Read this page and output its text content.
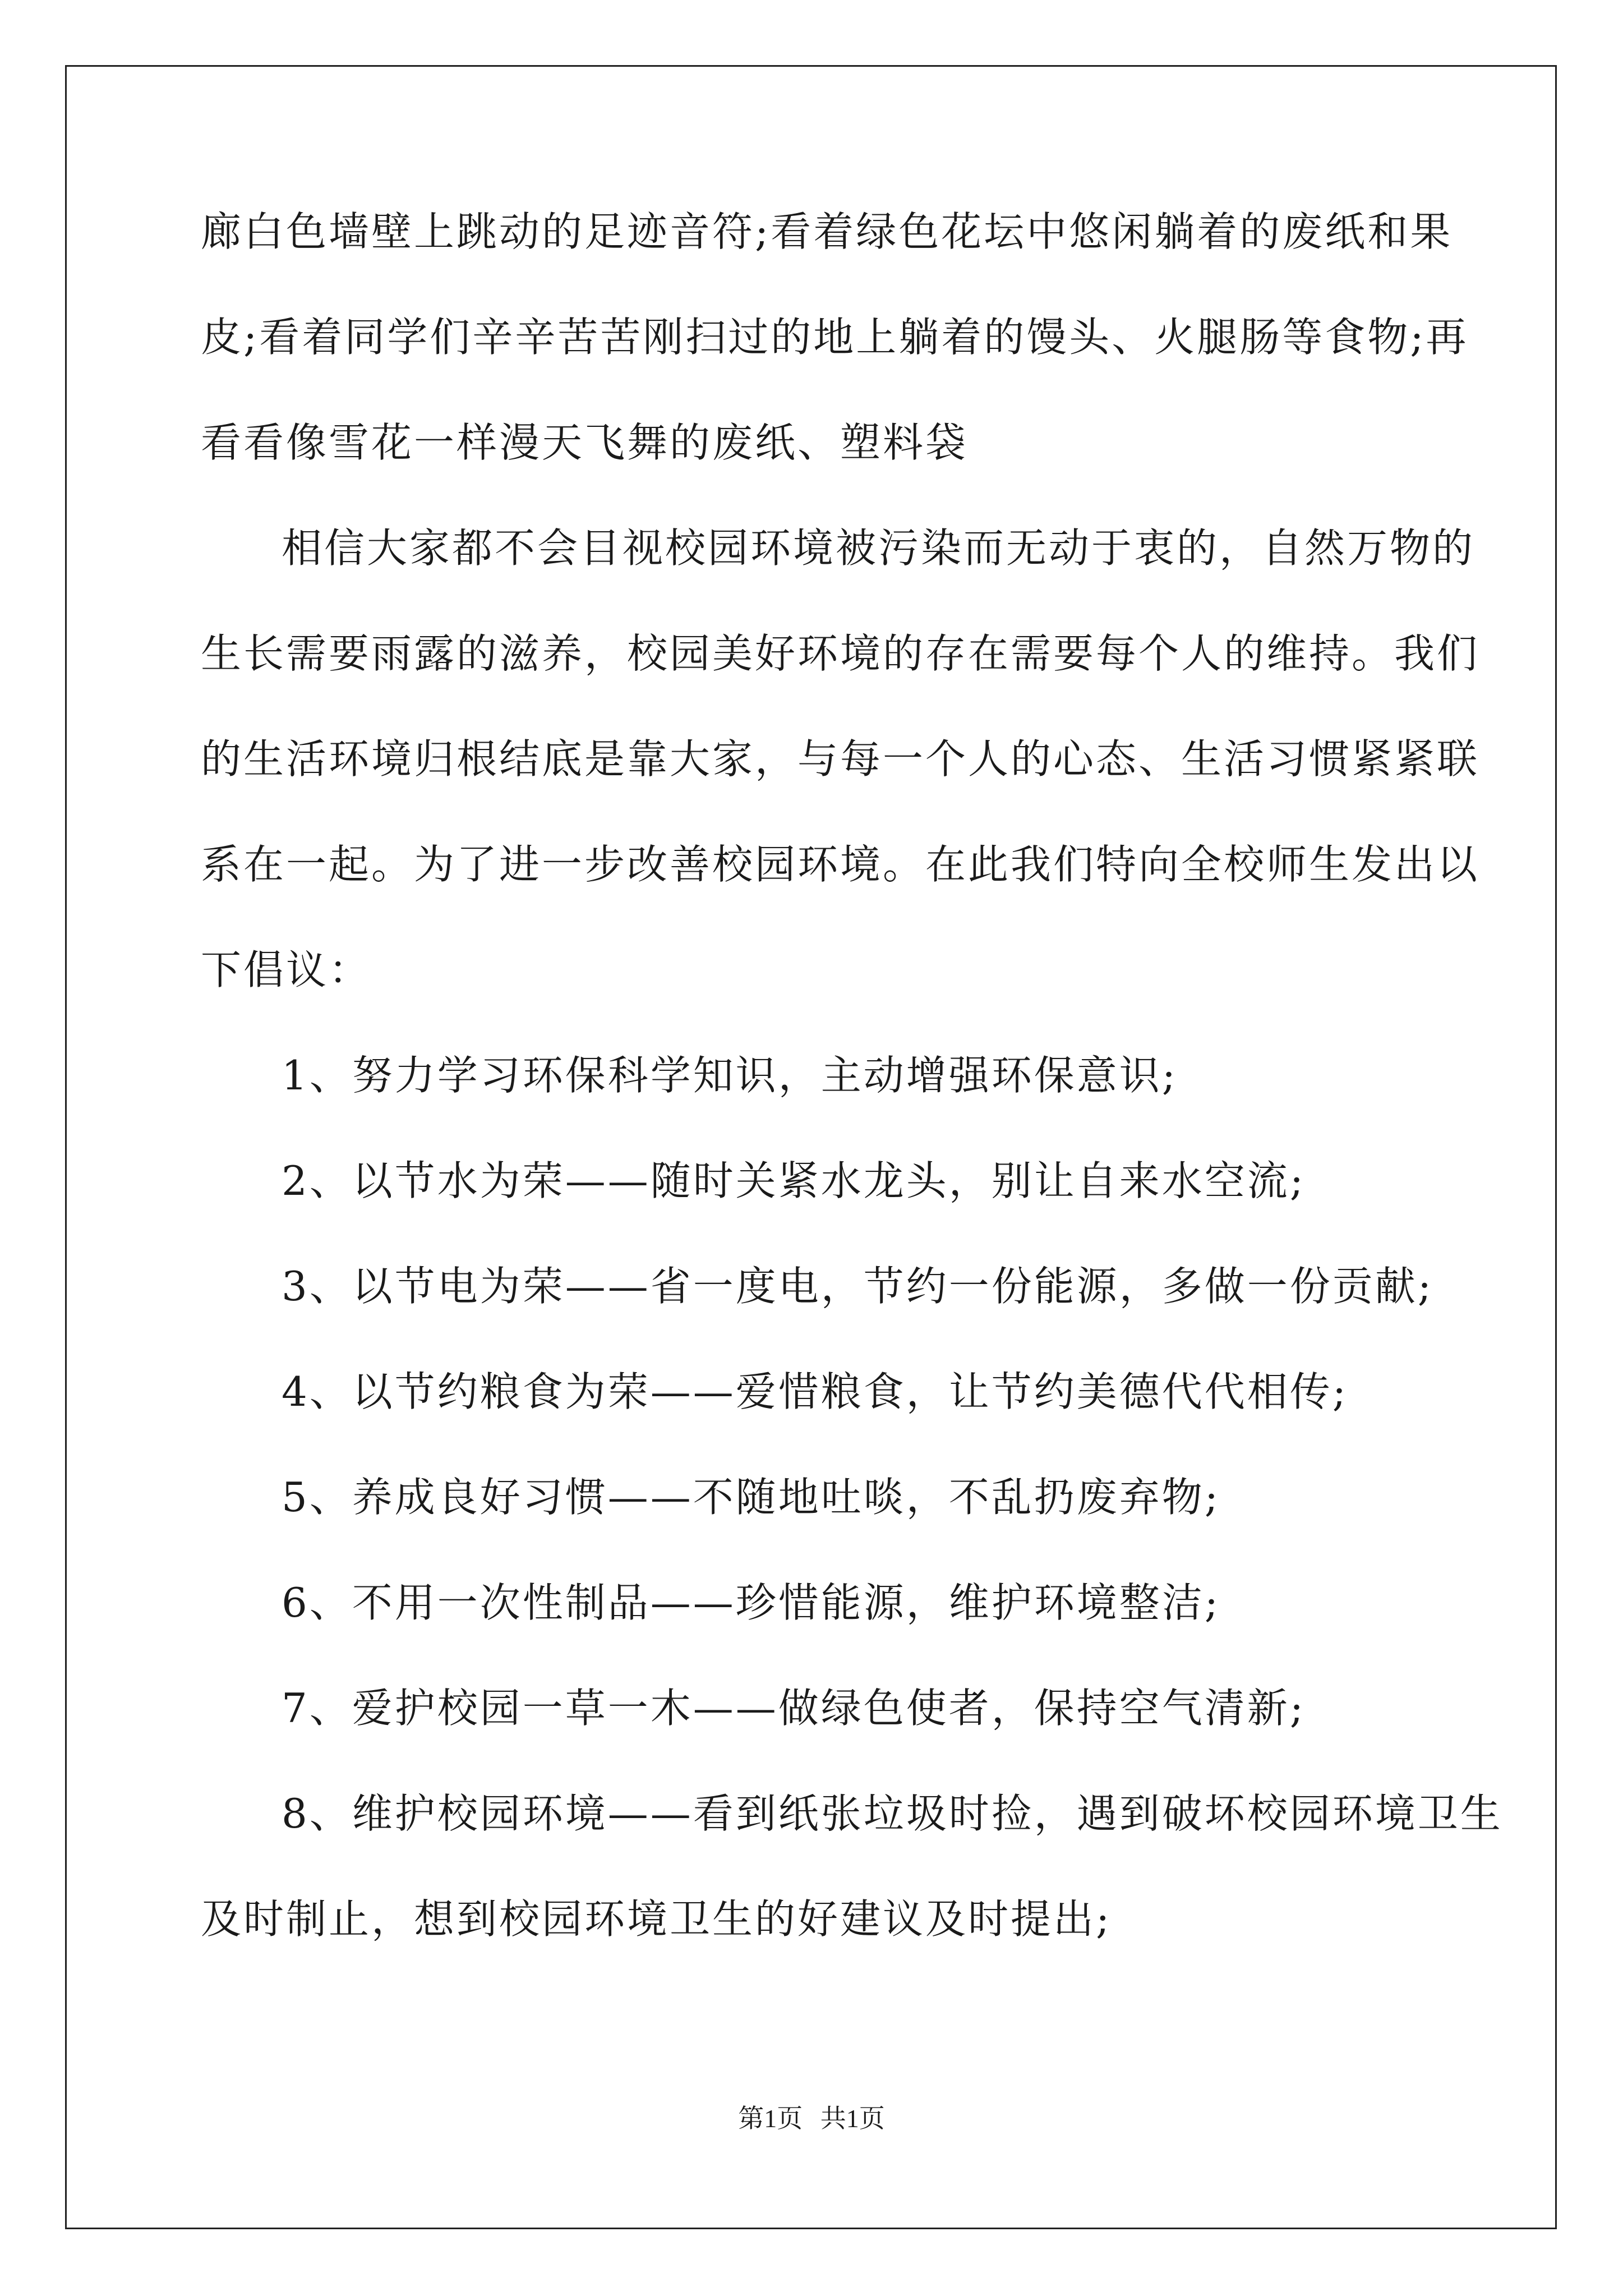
廊白色墙壁上跳动的足迹音符;看着绿色花坛中悠闲躺着的废纸和果
皮;看着同学们辛辛苦苦刚扫过的地上躺着的馒头、火腿肠等食物;再
看看像雪花一样漫天飞舞的废纸、塑料袋
相信大家都不会目视校园环境被污染而无动于衷的，自然万物的
生长需要雨露的滋养，校园美好环境的存在需要每个人的维持。我们
的生活环境归根结底是靠大家，与每一个人的心态、生活习惯紧紧联
系在一起。为了进一步改善校园环境。在此我们特向全校师生发出以
下倡议：
1、努力学习环保科学知识，主动增强环保意识;
2、以节水为荣——随时关紧水龙头，别让自来水空流;
3、以节电为荣——省一度电，节约一份能源，多做一份贡献;
4、以节约粮食为荣——爱惜粮食，让节约美德代代相传;
5、养成良好习惯——不随地吐啖，不乱扔废弃物;
6、不用一次性制品——珍惜能源，维护环境整洁;
7、爱护校园一草一木——做绿色使者，保持空气清新;
8、维护校园环境——看到纸张垃圾时捡，遇到破坏校园环境卫生
及时制止，想到校园环境卫生的好建议及时提出;
第1页 共1页
